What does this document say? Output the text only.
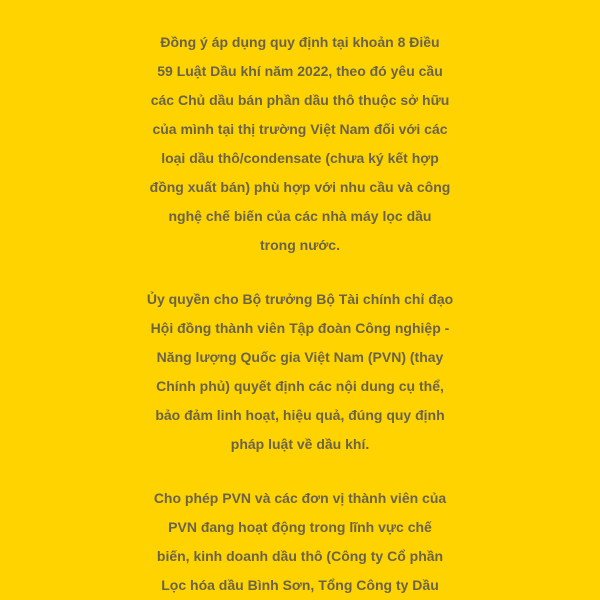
Đồng ý áp dụng quy định tại khoản 8 Điều
59 Luật Dầu khí năm 2022, theo đó yêu cầu
các Chủ dầu bán phần dầu thô thuộc sở hữu
của mình tại thị trường Việt Nam đối với các
loại dầu thô/condensate (chưa ký kết hợp
đồng xuất bán) phù hợp với nhu cầu và công
nghệ chế biến của các nhà máy lọc dầu
trong nước.
Ủy quyền cho Bộ trưởng Bộ Tài chính chỉ đạo
Hội đồng thành viên Tập đoàn Công nghiệp -
Năng lượng Quốc gia Việt Nam (PVN) (thay
Chính phủ) quyết định các nội dung cụ thể,
bảo đảm linh hoạt, hiệu quả, đúng quy định
pháp luật về dầu khí.
Cho phép PVN và các đơn vị thành viên của
PVN đang hoạt động trong lĩnh vực chế
biến, kinh doanh dầu thô (Công ty Cổ phần
Lọc hóa dầu Bình Sơn, Tổng Công ty Dầu
